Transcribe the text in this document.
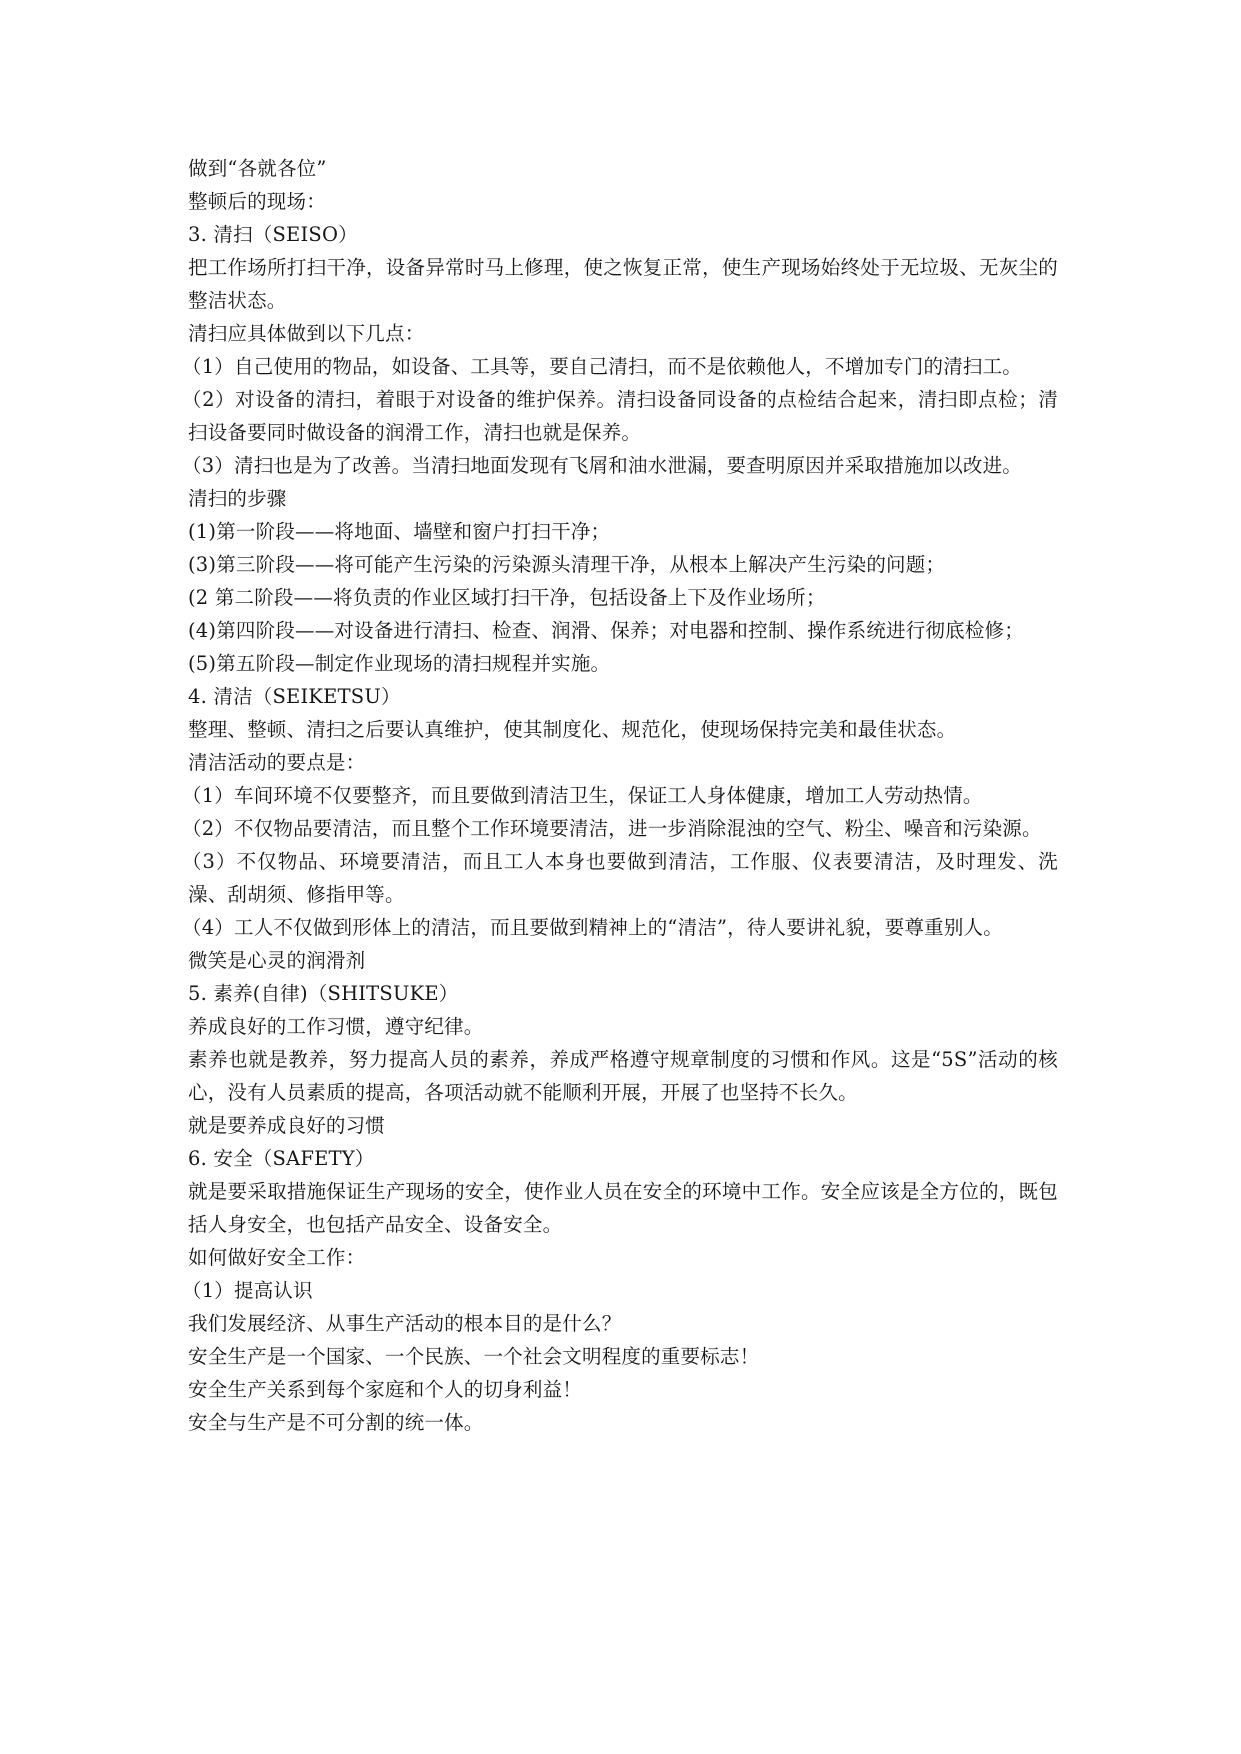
做到“各就各位”

整顿后的现场：

3. 清扫（SEISO）

把工作场所打扫干净，设备异常时马上修理，使之恢复正常，使生产现场始终处于无垃圾、无灰尘的整洁状态。

清扫应具体做到以下几点：

（1）自己使用的物品，如设备、工具等，要自己清扫，而不是依赖他人，不增加专门的清扫工。

（2）对设备的清扫，着眼于对设备的维护保养。清扫设备同设备的点检结合起来，清扫即点检；清扫设备要同时做设备的润滑工作，清扫也就是保养。

（3）清扫也是为了改善。当清扫地面发现有飞屑和油水泄漏，要查明原因并采取措施加以改进。

清扫的步骤

(1)第一阶段——将地面、墙壁和窗户打扫干净；

(3)第三阶段——将可能产生污染的污染源头清理干净，从根本上解决产生污染的问题；

(2 第二阶段——将负责的作业区域打扫干净，包括设备上下及作业场所；

(4)第四阶段——对设备进行清扫、检查、润滑、保养；对电器和控制、操作系统进行彻底检修；

(5)第五阶段—制定作业现场的清扫规程并实施。

4. 清洁（SEIKETSU）

整理、整顿、清扫之后要认真维护，使其制度化、规范化，使现场保持完美和最佳状态。

清洁活动的要点是：

（1）车间环境不仅要整齐，而且要做到清洁卫生，保证工人身体健康，增加工人劳动热情。

（2）不仅物品要清洁，而且整个工作环境要清洁，进一步消除混浊的空气、粉尘、噪音和污染源。

（3）不仅物品、环境要清洁，而且工人本身也要做到清洁，工作服、仪表要清洁，及时理发、洗澡、刮胡须、修指甲等。

（4）工人不仅做到形体上的清洁，而且要做到精神上的“清洁”，待人要讲礼貌，要尊重别人。

微笑是心灵的润滑剂

5. 素养(自律)（SHITSUKE）

养成良好的工作习惯，遵守纪律。

素养也就是教养，努力提高人员的素养，养成严格遵守规章制度的习惯和作风。这是“5S”活动的核心，没有人员素质的提高，各项活动就不能顺利开展，开展了也坚持不长久。

就是要养成良好的习惯

6. 安全（SAFETY）

就是要采取措施保证生产现场的安全，使作业人员在安全的环境中工作。安全应该是全方位的，既包括人身安全，也包括产品安全、设备安全。

如何做好安全工作：

（1）提高认识

我们发展经济、从事生产活动的根本目的是什么？

安全生产是一个国家、一个民族、一个社会文明程度的重要标志！

安全生产关系到每个家庭和个人的切身利益！

安全与生产是不可分割的统一体。
